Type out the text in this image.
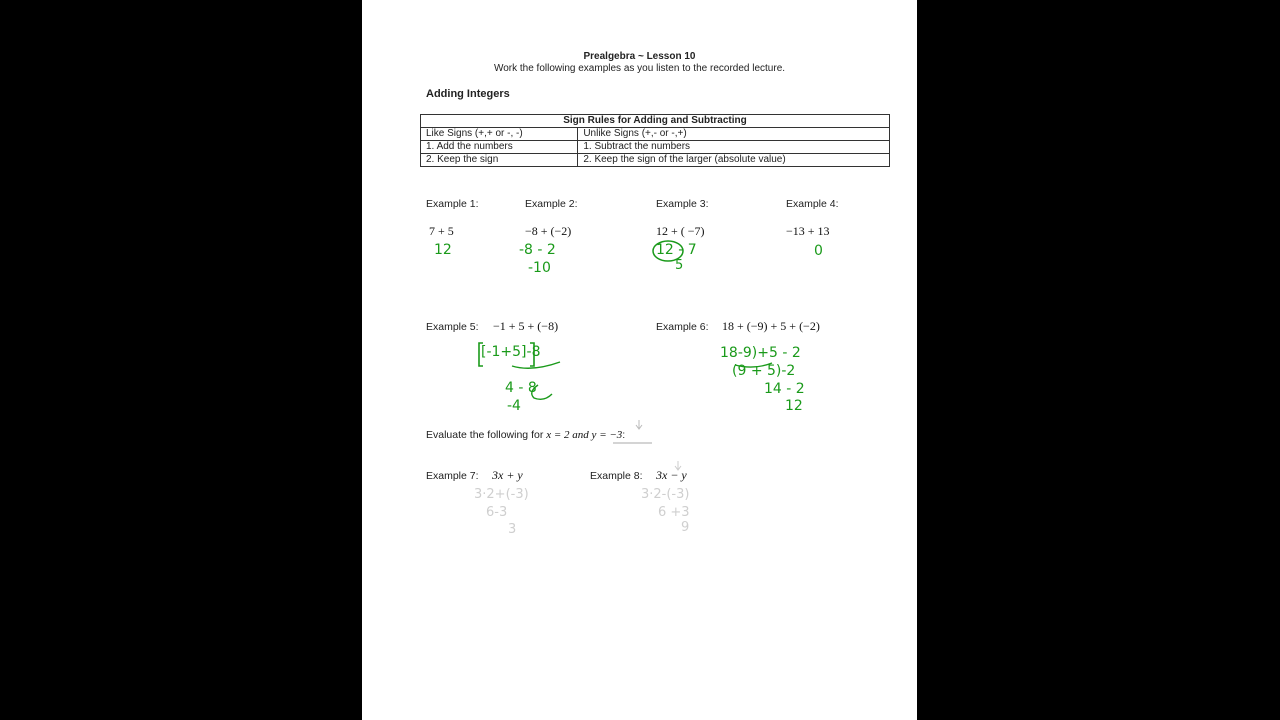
Prealgebra ~ Lesson 10
Work the following examples as you listen to the recorded lecture.
Adding Integers
Sign Rules for Adding and Subtracting	
Like Signs (+,+ or -, -)	Unlike Signs (+,- or -,+)
1. Add the numbers	1. Subtract the numbers
2. Keep the sign	2. Keep the sign of the larger (absolute value)
Example 1:
7 + 5
12
Example 2:
−8 + (−2)
-8 - 2
-10
Example 3:
12 + ( −7)
12 - 7
5
Example 4:
−13 + 13
0
Example 5: −1 + 5 + (−8)
[-1+5]-8
4 - 8
-4
Example 6: 18 + (−9) + 5 + (−2)
18-9)+5 - 2
(9 + 5)-2
14 - 2
12
Evaluate the following for x = 2 and y = −3:
Example 7: 3x + y
3·2+(-3)
6-3
3
Example 8: 3x − y
3·2-(-3)
6 +3
9
